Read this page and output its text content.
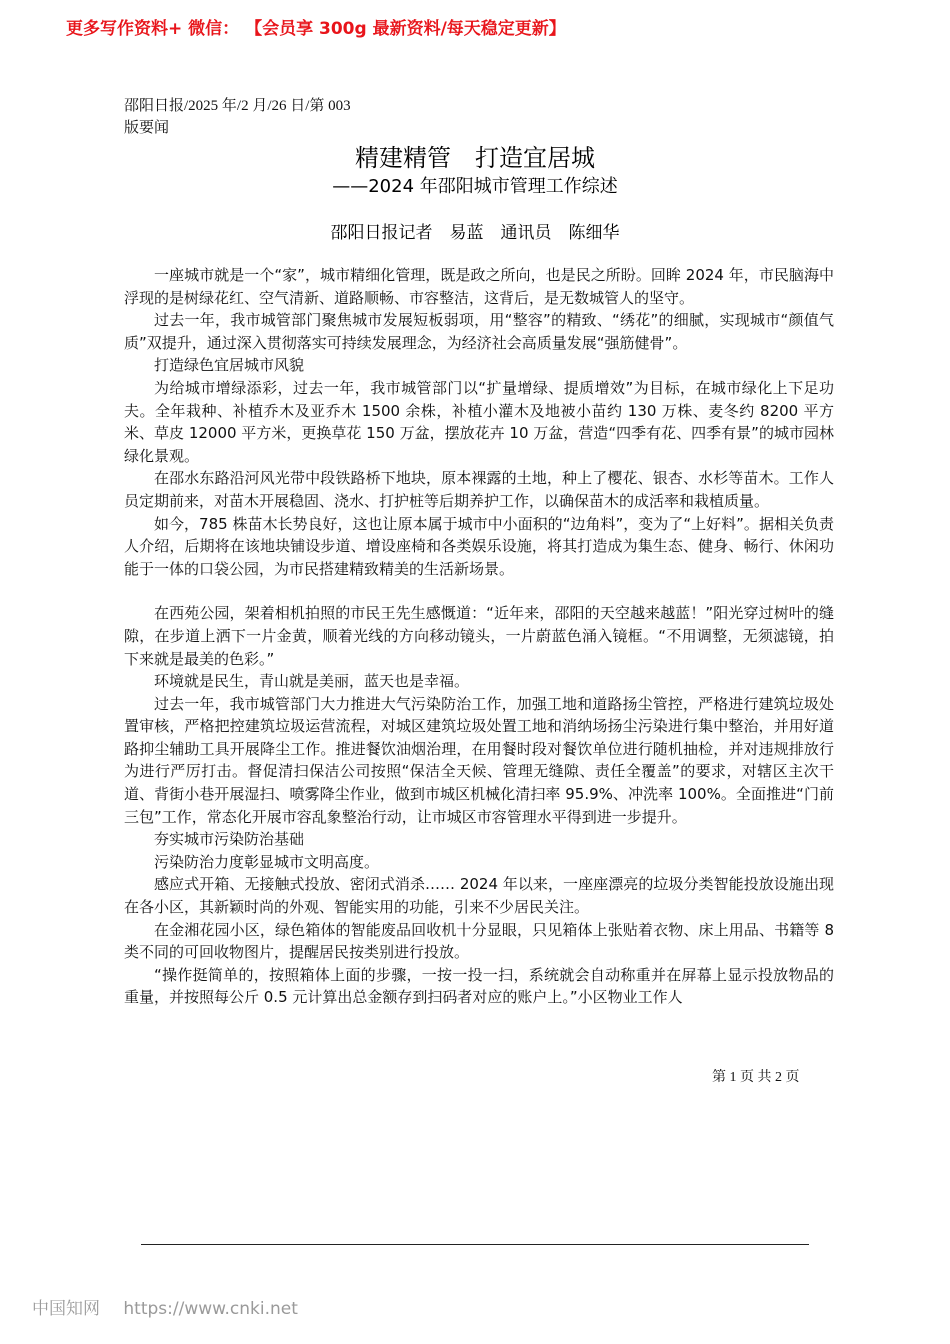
更多写作资料+ 微信： 【会员享 300g 最新资料/每天稳定更新】
邵阳日报/2025 年/2 月/26 日/第 003
版要闻
精建精管　打造宜居城
——2024 年邵阳城市管理工作综述
邵阳日报记者　易蓝　通讯员　陈细华

一座城市就是一个“家”，城市精细化管理，既是政之所向，也是民之所盼。回眸 2024 年，市民脑海中浮现的是树绿花红、空气清新、道路顺畅、市容整洁，这背后，是无数城管人的坚守。

过去一年，我市城管部门聚焦城市发展短板弱项，用“整容”的精致、“绣花”的细腻，实现城市“颜值气质”双提升，通过深入贯彻落实可持续发展理念，为经济社会高质量发展“强筋健骨”。

打造绿色宜居城市风貌

为给城市增绿添彩，过去一年，我市城管部门以“扩量增绿、提质增效”为目标，在城市绿化上下足功夫。全年栽种、补植乔木及亚乔木 1500 余株，补植小灌木及地被小苗约 130 万株、麦冬约 8200 平方米、草皮 12000 平方米，更换草花 150 万盆，摆放花卉 10 万盆，营造“四季有花、四季有景”的城市园林绿化景观。

在邵水东路沿河风光带中段铁路桥下地块，原本裸露的土地，种上了樱花、银杏、水杉等苗木。工作人员定期前来，对苗木开展稳固、浇水、打护桩等后期养护工作，以确保苗木的成活率和栽植质量。

如今，785 株苗木长势良好，这也让原本属于城市中小面积的“边角料”，变为了“上好料”。据相关负责人介绍，后期将在该地块铺设步道、增设座椅和各类娱乐设施，将其打造成为集生态、健身、畅行、休闲功能于一体的口袋公园，为市民搭建精致精美的生活新场景。

在西苑公园，架着相机拍照的市民王先生感慨道：“近年来，邵阳的天空越来越蓝！”阳光穿过树叶的缝隙，在步道上洒下一片金黄，顺着光线的方向移动镜头，一片蔚蓝色涌入镜框。“不用调整，无须滤镜，拍下来就是最美的色彩。”

环境就是民生，青山就是美丽，蓝天也是幸福。

过去一年，我市城管部门大力推进大气污染防治工作，加强工地和道路扬尘管控，严格进行建筑垃圾处置审核，严格把控建筑垃圾运营流程，对城区建筑垃圾处置工地和消纳场扬尘污染进行集中整治，并用好道路抑尘辅助工具开展降尘工作。推进餐饮油烟治理，在用餐时段对餐饮单位进行随机抽检，并对违规排放行为进行严厉打击。督促清扫保洁公司按照“保洁全天候、管理无缝隙、责任全覆盖”的要求，对辖区主次干道、背街小巷开展湿扫、喷雾降尘作业，做到市城区机械化清扫率 95.9%、冲洗率 100%。全面推进“门前三包”工作，常态化开展市容乱象整治行动，让市城区市容管理水平得到进一步提升。

夯实城市污染防治基础

污染防治力度彰显城市文明高度。

感应式开箱、无接触式投放、密闭式消杀…… 2024 年以来，一座座漂亮的垃圾分类智能投放设施出现在各小区，其新颖时尚的外观、智能实用的功能，引来不少居民关注。

在金湘花园小区，绿色箱体的智能废品回收机十分显眼，只见箱体上张贴着衣物、床上用品、书籍等 8 类不同的可回收物图片，提醒居民按类别进行投放。

“操作挺简单的，按照箱体上面的步骤，一按一投一扫，系统就会自动称重并在屏幕上显示投放物品的重量，并按照每公斤 0.5 元计算出总金额存到扫码者对应的账户上。”小区物业工作人

第 1 页 共 2 页
中国知网 https://www.cnki.net
